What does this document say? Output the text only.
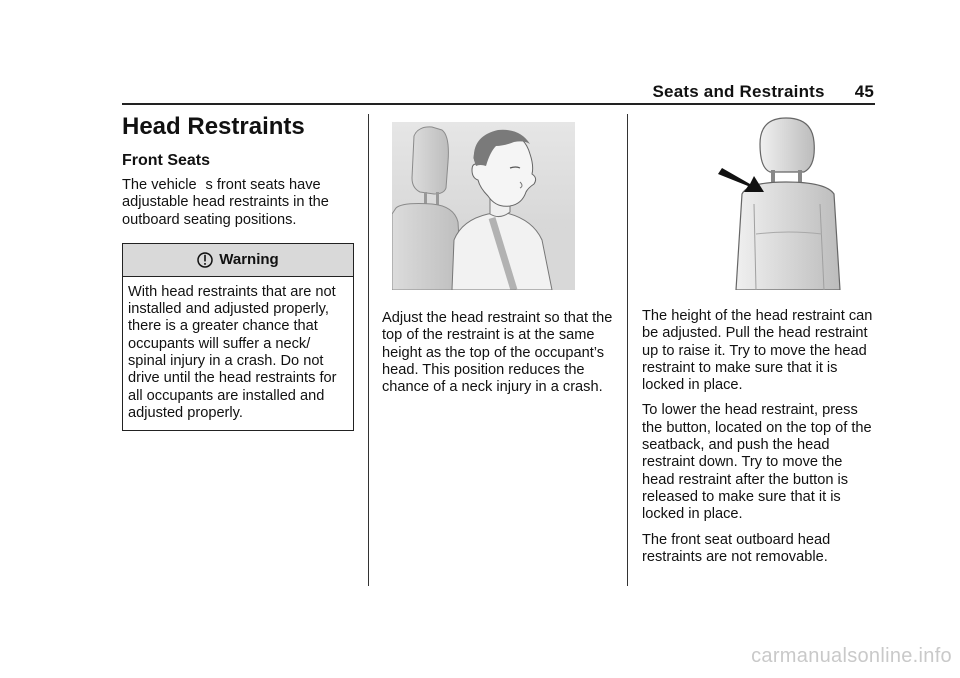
Seats and Restraints 45
Head Restraints
Front Seats

The vehicles front seats have adjustable head restraints in the outboard seating positions.

Warning
With head restraints that are not installed and adjusted properly, there is a greater chance that occupants will suffer a neck/ spinal injury in a crash. Do not drive until the head restraints for all occupants are installed and adjusted properly.

Adjust the head restraint so that the top of the restraint is at the same height as the top of the occupant’s head. This position reduces the chance of a neck injury in a crash.

The height of the head restraint can be adjusted. Pull the head restraint up to raise it. Try to move the head restraint to make sure that it is locked in place.

To lower the head restraint, press the button, located on the top of the seatback, and push the head restraint down. Try to move the head restraint after the button is released to make sure that it is locked in place.

The front seat outboard head restraints are not removable.

carmanualsonline.info
